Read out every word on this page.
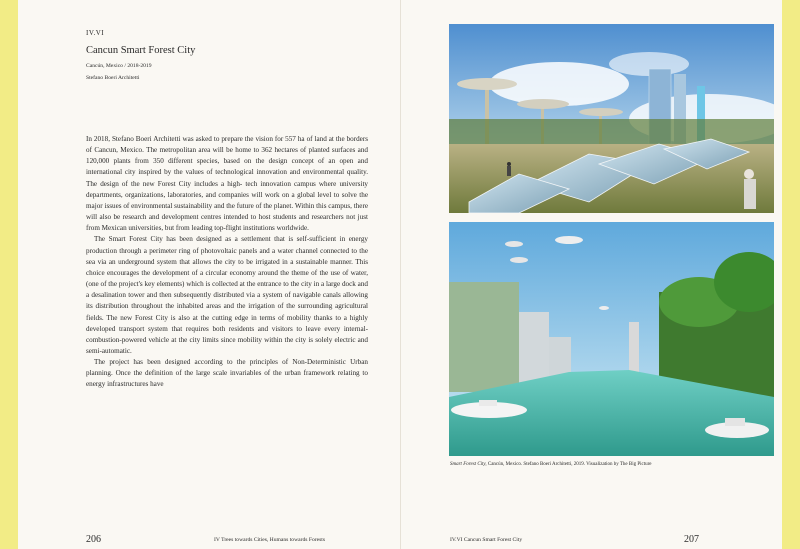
IV.VI
Cancun Smart Forest City
Cancún, Mexico / 2018-2019
Stefano Boeri Architetti

In 2018, Stefano Boeri Architetti was asked to prepare the vision for 557 ha of land at the borders of Cancun, Mexico. The metropolitan area will be home to 362 hectares of planted surfaces and 120,000 plants from 350 different species, based on the design concept of an open and international city inspired by the values of technological innovation and environmental quality. The design of the new Forest City includes a high- tech innovation campus where university departments, organizations, laboratories, and companies will work on a global level to solve the major issues of environmental sustainability and the future of the planet. Within this campus, there will also be research and development centres intended to host students and researchers not just from Mexican universities, but from leading top-flight institutions worldwide.

The Smart Forest City has been designed as a settlement that is self-sufficient in energy production through a perimeter ring of photovoltaic panels and a water channel connected to the sea via an underground system that allows the city to be irrigated in a sustainable manner. This choice encourages the development of a circular economy around the theme of the use of water, (one of the project's key elements) which is collected at the entrance to the city in a large dock and a desalination tower and then subsequently distributed via a system of navigable canals allowing its distribution throughout the inhabited areas and the irrigation of the surrounding agricultural fields. The new Forest City is also at the cutting edge in terms of mobility thanks to a highly developed transport system that requires both residents and visitors to leave every internal-combustion-powered vehicle at the city limits since mobility within the city is solely electric and semi-automatic.

The project has been designed according to the principles of Non-Deterministic Urban planning. Once the definition of the large scale invariables of the urban framework relating to energy infrastructures have

206	IV Trees towards Cities, Humans towards Forests
Smart Forest City, Cancún, Mexico. Stefano Boeri Architetti, 2019. Visualization by The Big Picture
IV.VI Cancun Smart Forest City	207
